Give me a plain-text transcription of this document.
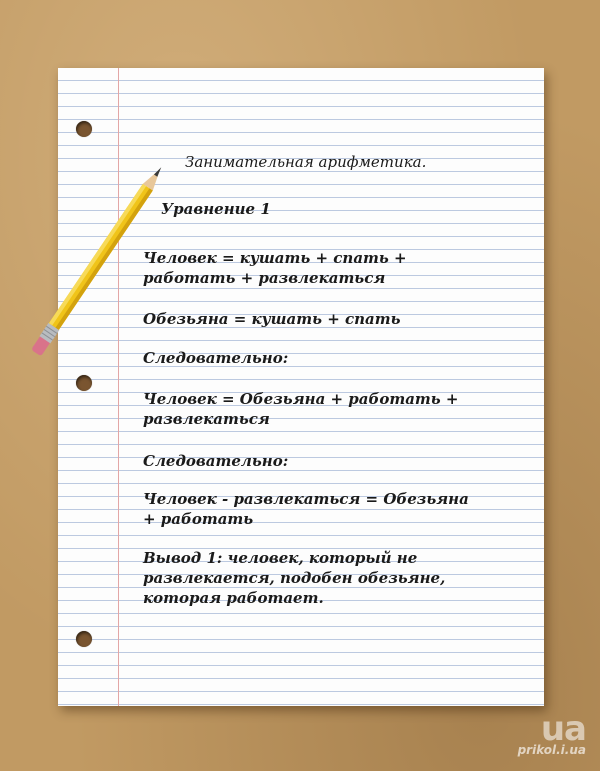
Занимательная арифметика.
Уравнение 1
Человек = кушать + спать + работать + развлекаться
Обезьяна = кушать + спать
Следовательно:
Человек = Обезьяна + работать + развлекаться
Следовательно:
Человек - развлекаться = Обезьяна + работать
Вывод 1: человек, который не развлекается, подобен обезьяне, которая работает.
ua
prikol.i.ua
